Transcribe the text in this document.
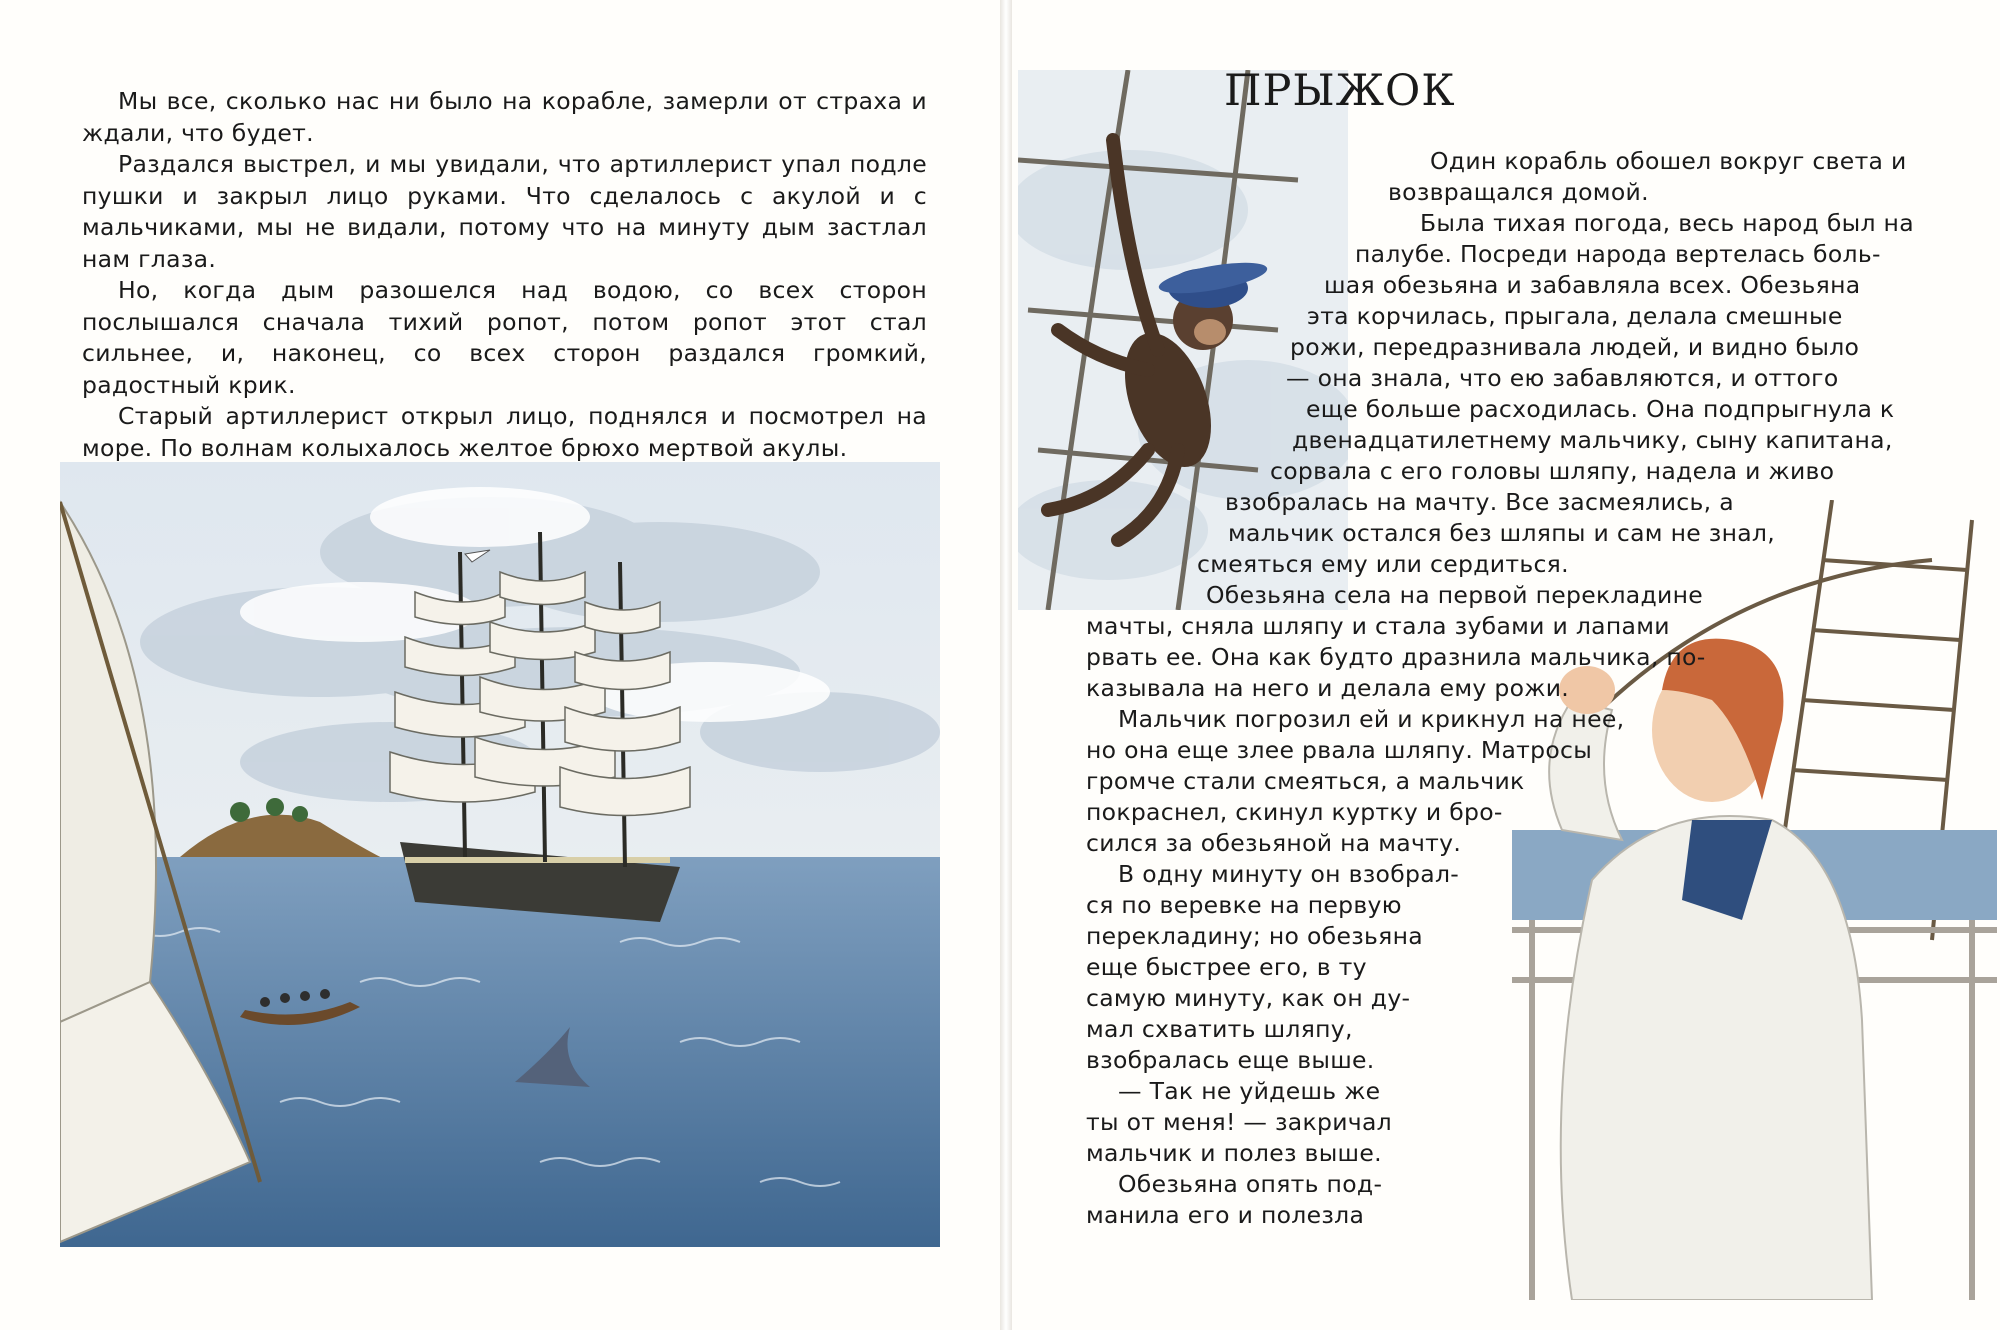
Мы все, сколько нас ни было на корабле, замерли от страха и ждали, что будет.

Раздался выстрел, и мы увидали, что артиллерист упал подле пушки и закрыл лицо руками. Что сделалось с акулой и с мальчиками, мы не видали, потому что на минуту дым застлал нам глаза.

Но, когда дым разошелся над водою, со всех сторон послышался сначала тихий ропот, потом ропот этот стал сильнее, и, наконец, со всех сторон раздался громкий, радостный крик.

Старый артиллерист открыл лицо, поднялся и посмотрел на море. По волнам колыхалось желтое брюхо мертвой акулы.

ПРЫЖОК
Один корабль обошел вокруг света и
возвращался домой.
Была тихая погода, весь народ был на
палубе. Посреди народа вертелась боль-
шая обезьяна и забавляла всех. Обезьяна
эта корчилась, прыгала, делала смешные
рожи, передразнивала людей, и видно было
— она знала, что ею забавляются, и оттого
еще больше расходилась. Она подпрыгнула к
двенадцатилетнему мальчику, сыну капитана,
сорвала с его головы шляпу, надела и живо
взобралась на мачту. Все засмеялись, а
мальчик остался без шляпы и сам не знал,
смеяться ему или сердиться.
Обезьяна села на первой перекладине
мачты, сняла шляпу и стала зубами и лапами
рвать ее. Она как будто дразнила мальчика, по-
казывала на него и делала ему рожи.
Мальчик погрозил ей и крикнул на нее,
но она еще злее рвала шляпу. Матросы
громче стали смеяться, а мальчик
покраснел, скинул куртку и бро-
сился за обезьяной на мачту.
В одну минуту он взобрал-
ся по веревке на первую
перекладину; но обезьяна
еще быстрее его, в ту
самую минуту, как он ду-
мал схватить шляпу,
взобралась еще выше.
— Так не уйдешь же
ты от меня! — закричал
мальчик и полез выше.
Обезьяна опять под-
манила его и полезла
